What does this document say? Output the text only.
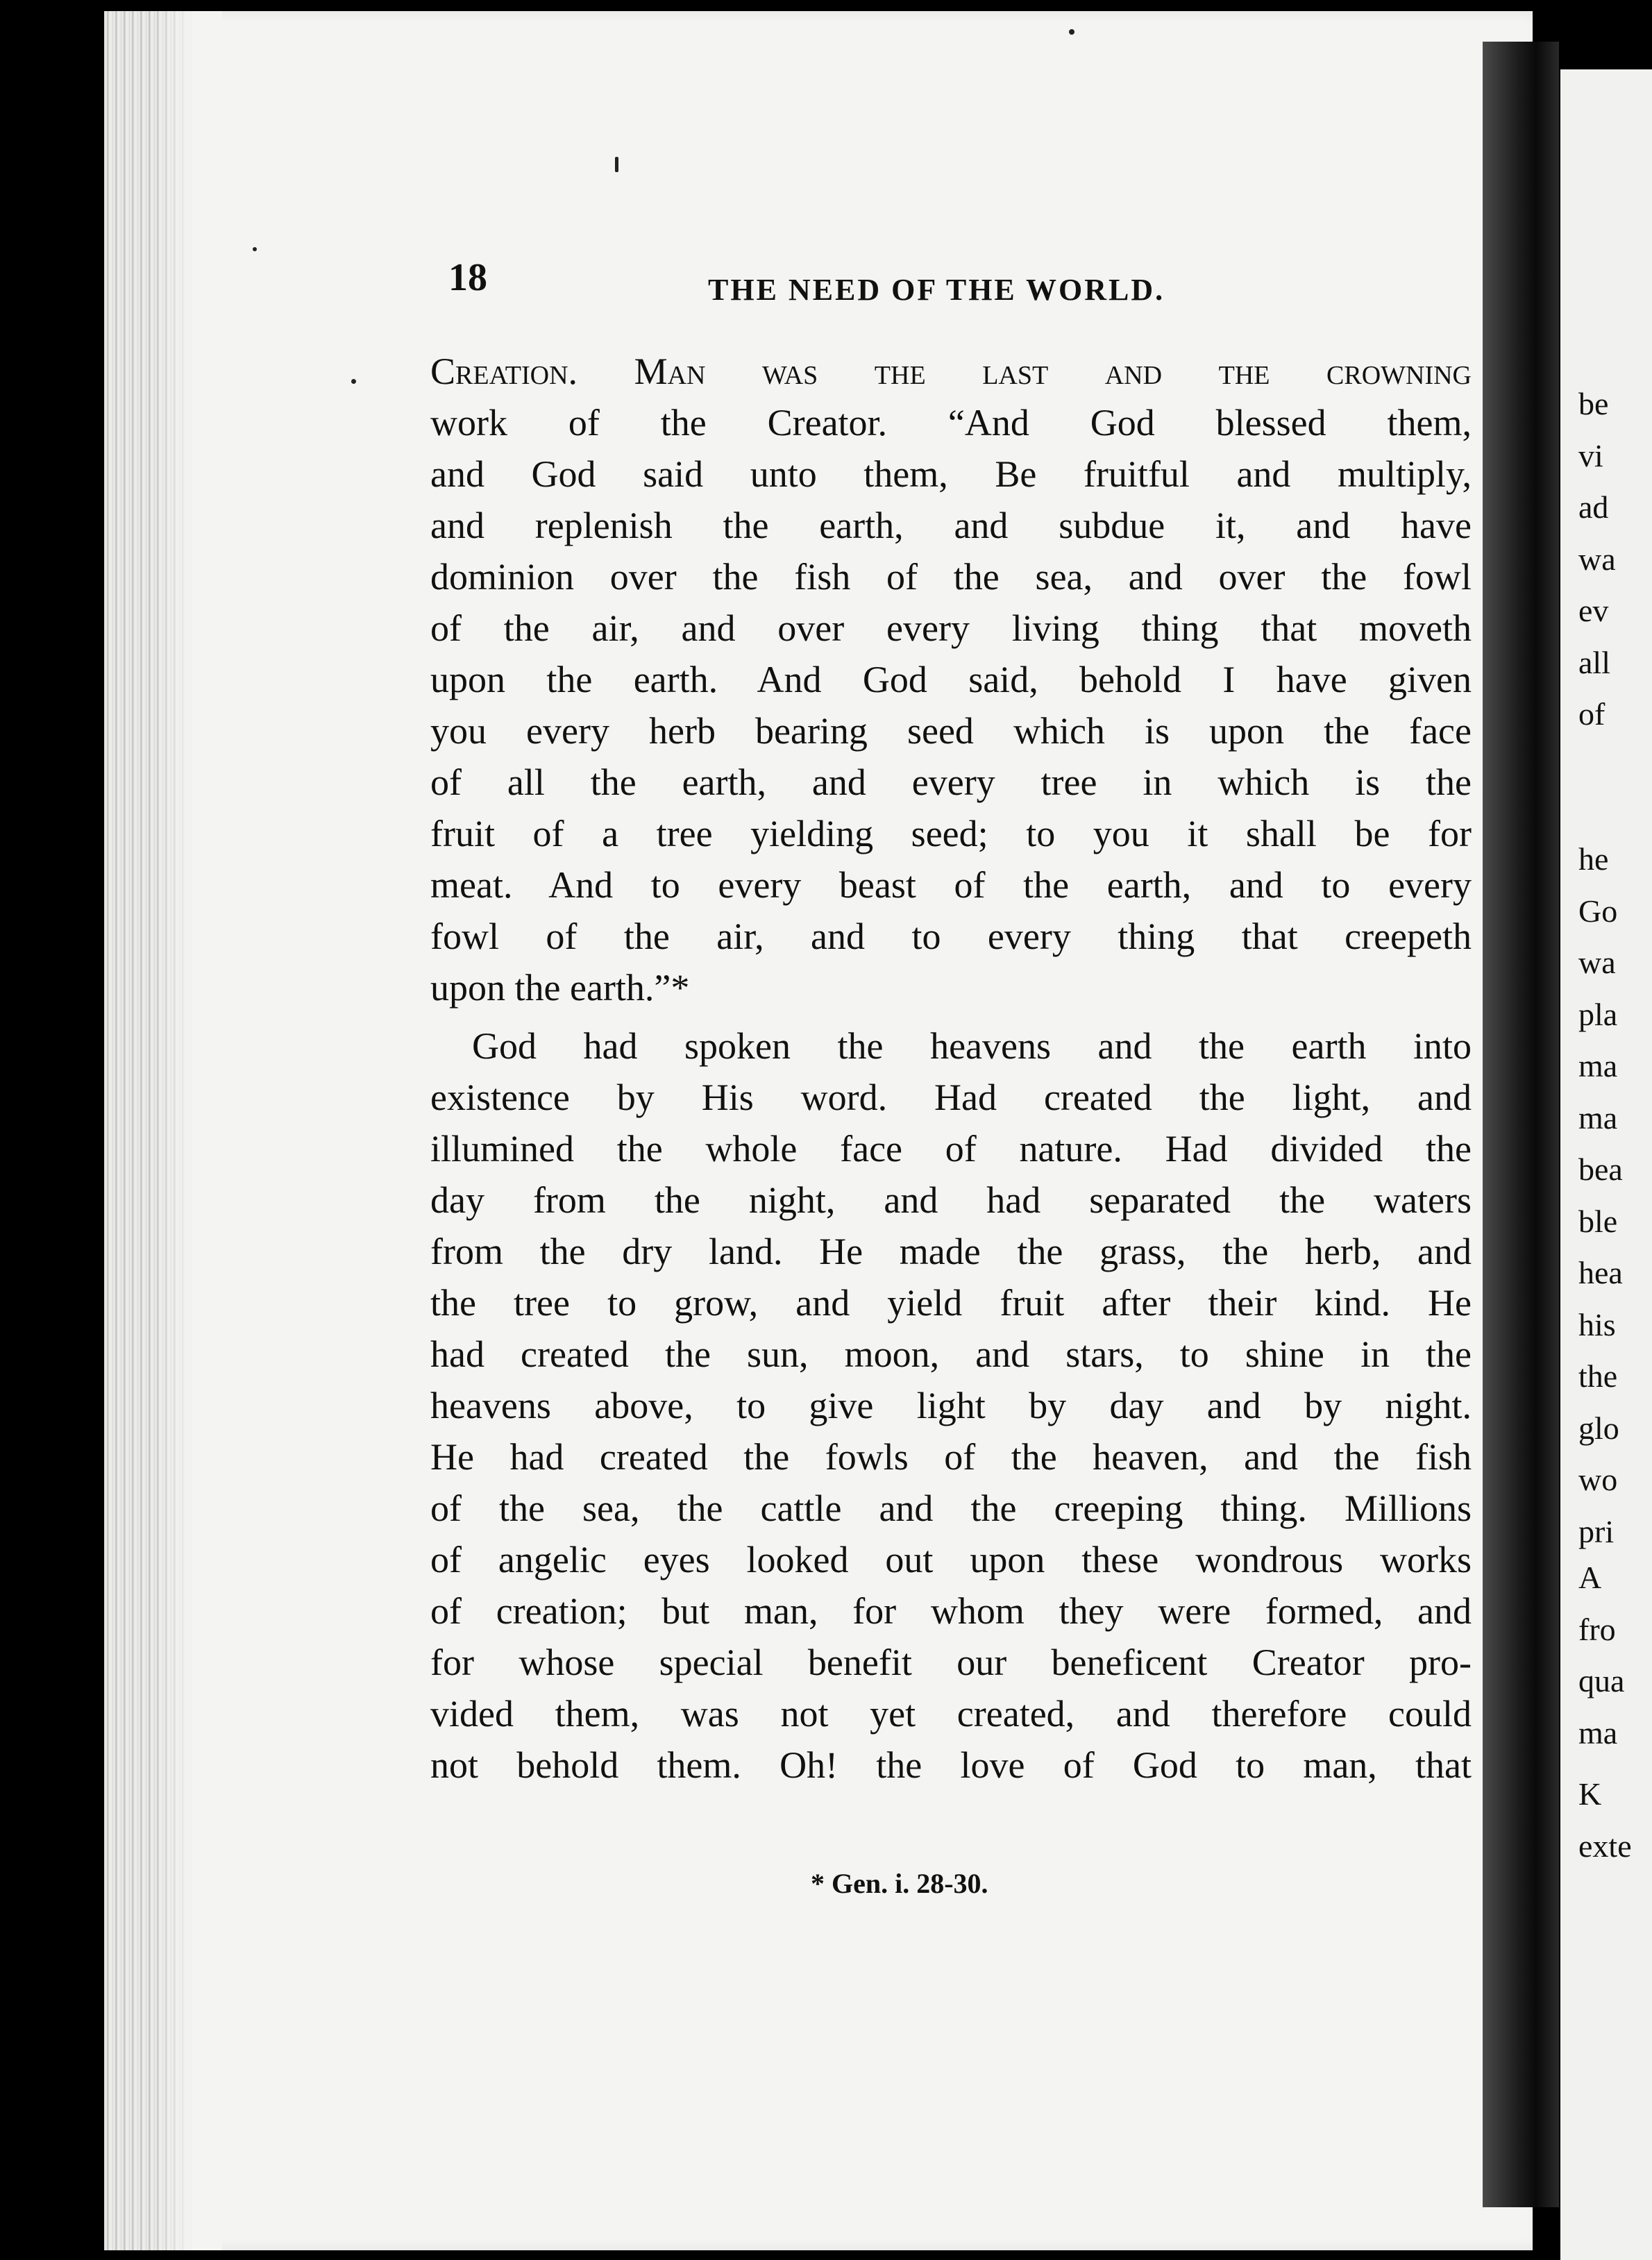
be
vi
ad
wa
ev
all
of
he
Go
wa
pla
ma
ma
bea
ble
hea
his
the
glo
wo
pri
A
fro
qua
ma
K
exte
18	THE NEED OF THE WORLD.
Creation. Man was the last and the crowning
work of the Creator. “And God blessed them,
and God said unto them, Be fruitful and multiply,
and replenish the earth, and subdue it, and have
dominion over the fish of the sea, and over the fowl
of the air, and over every living thing that moveth
upon the earth. And God said, behold I have given
you every herb bearing seed which is upon the face
of all the earth, and every tree in which is the
fruit of a tree yielding seed; to you it shall be for
meat. And to every beast of the earth, and to every
fowl of the air, and to every thing that creepeth
upon the earth.”*
God had spoken the heavens and the earth into
existence by His word. Had created the light, and
illumined the whole face of nature. Had divided the
day from the night, and had separated the waters
from the dry land. He made the grass, the herb, and
the tree to grow, and yield fruit after their kind. He
had created the sun, moon, and stars, to shine in the
heavens above, to give light by day and by night.
He had created the fowls of the heaven, and the fish
of the sea, the cattle and the creeping thing. Millions
of angelic eyes looked out upon these wondrous works
of creation; but man, for whom they were formed, and
for whose special benefit our beneficent Creator pro-
vided them, was not yet created, and therefore could
not behold them. Oh! the love of God to man, that
* Gen. i. 28-30.
